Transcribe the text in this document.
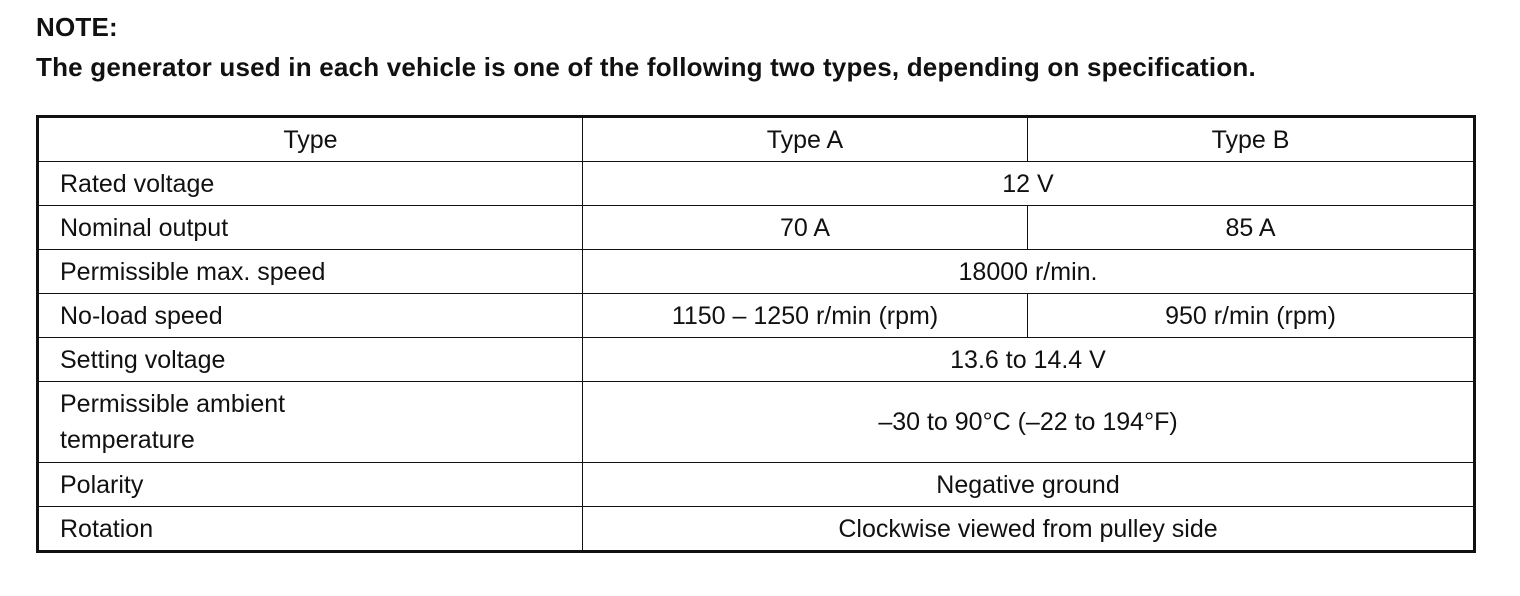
NOTE:
The generator used in each vehicle is one of the following two types, depending on specification.
Type	Type A	Type B
Rated voltage	12 V	
Nominal output	70 A	85 A
Permissible max. speed	18000 r/min.	
No-load speed	1150 – 1250 r/min (rpm)	950 r/min (rpm)
Setting voltage	13.6 to 14.4 V	
Permissible ambient
temperature	–30 to 90°C (–22 to 194°F)	
Polarity	Negative ground	
Rotation	Clockwise viewed from pulley side	
